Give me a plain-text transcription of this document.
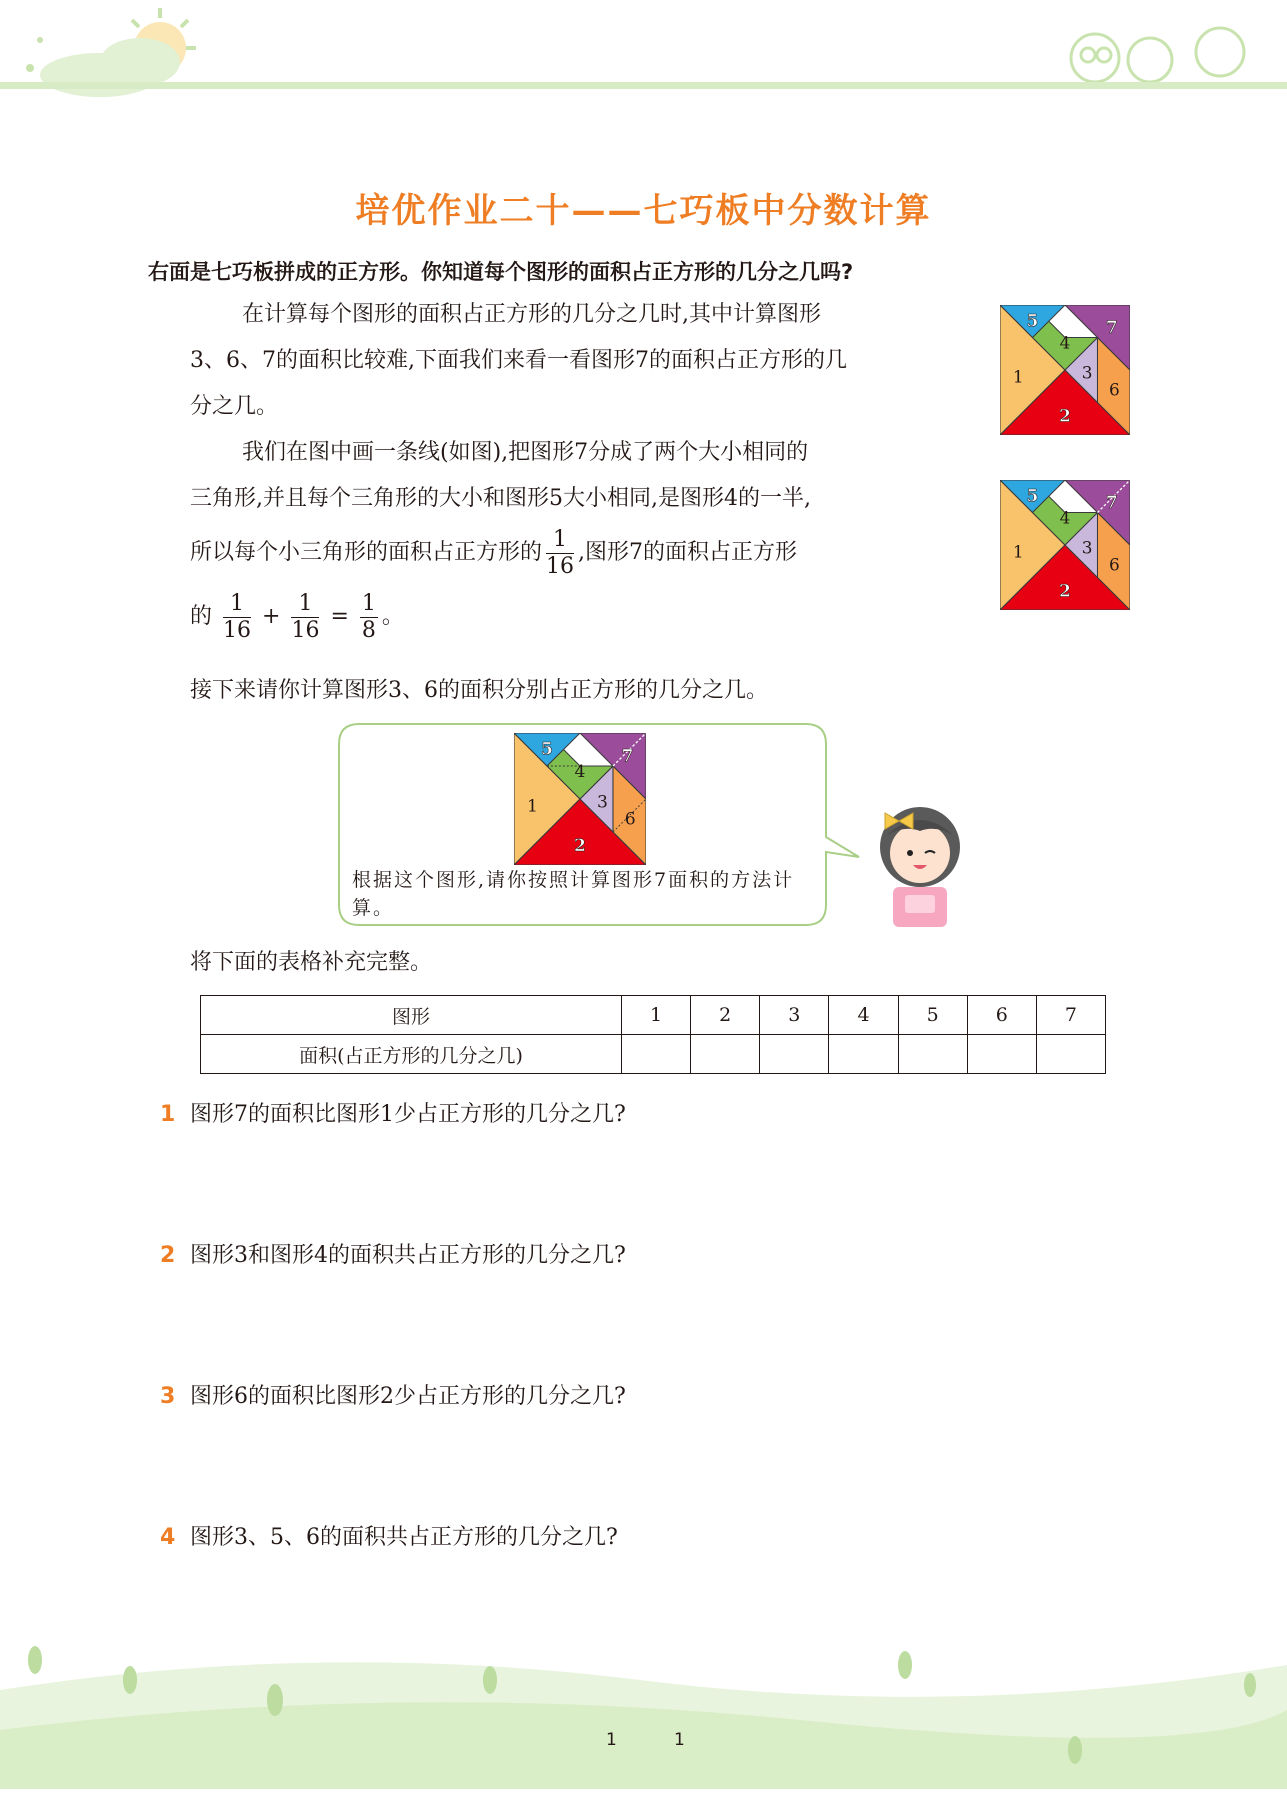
培优作业二十——七巧板中分数计算
右面是七巧板拼成的正方形。你知道每个图形的面积占正方形的几分之几吗?
在计算每个图形的面积占正方形的几分之几时,其中计算图形
3、6、7的面积比较难,下面我们来看一看图形7的面积占正方形的几
分之几。
我们在图中画一条线(如图),把图形7分成了两个大小相同的
三角形,并且每个三角形的大小和图形5大小相同,是图形4的一半,
所以每个小三角形的面积占正方形的 $\frac{1}{16}$ ,图形7的面积占正方形
的 $\frac{1}{16} + \frac{1}{16} = \frac{1}{8}$ 。
接下来请你计算图形3、6的面积分别占正方形的几分之几。
1
2
3
4
5
6
7
1
2
3
4
5
6
7
1
2
3
4
5
6
7
根据这个图形,请你按照计算图形7面积的方法计算。
将下面的表格补充完整。
图形	1	2	3	4	5	6	7
面积(占正方形的几分之几)							
1 图形7的面积比图形1少占正方形的几分之几?
2 图形3和图形4的面积共占正方形的几分之几?
3 图形6的面积比图形2少占正方形的几分之几?
4 图形3、5、6的面积共占正方形的几分之几?
1	1
